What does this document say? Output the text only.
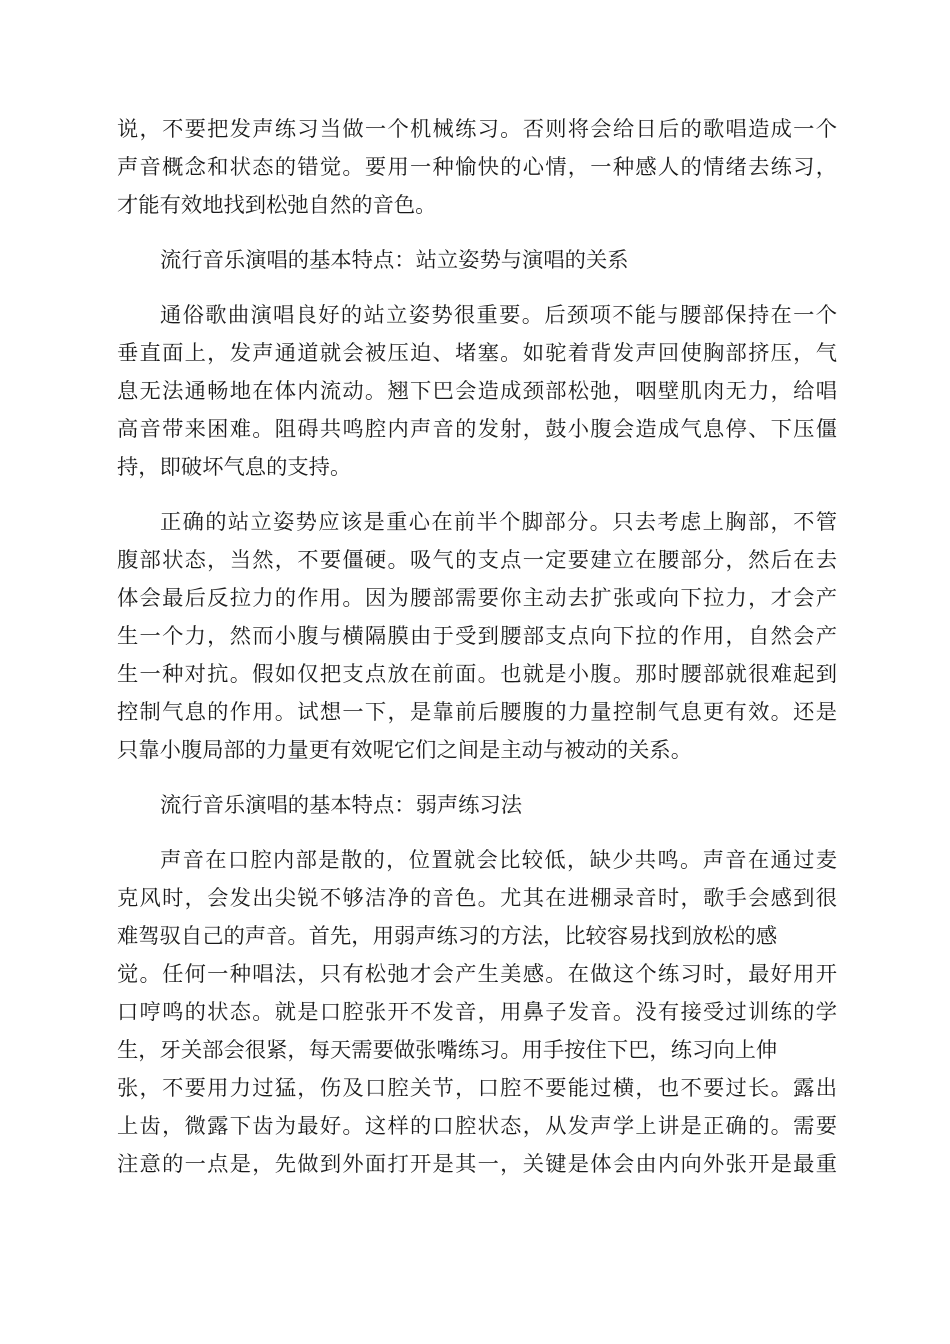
说，不要把发声练习当做一个机械练习。否则将会给日后的歌唱造成一个
声音概念和状态的错觉。要用一种愉快的心情，一种感人的情绪去练习，
才能有效地找到松弛自然的音色。
流行音乐演唱的基本特点：站立姿势与演唱的关系
通俗歌曲演唱良好的站立姿势很重要。后颈项不能与腰部保持在一个
垂直面上，发声通道就会被压迫、堵塞。如驼着背发声回使胸部挤压，气
息无法通畅地在体内流动。翘下巴会造成颈部松弛，咽壁肌肉无力，给唱
高音带来困难。阻碍共鸣腔内声音的发射，鼓小腹会造成气息停、下压僵
持，即破坏气息的支持。
正确的站立姿势应该是重心在前半个脚部分。只去考虑上胸部，不管
腹部状态，当然，不要僵硬。吸气的支点一定要建立在腰部分，然后在去
体会最后反拉力的作用。因为腰部需要你主动去扩张或向下拉力，才会产
生一个力，然而小腹与横隔膜由于受到腰部支点向下拉的作用，自然会产
生一种对抗。假如仅把支点放在前面。也就是小腹。那时腰部就很难起到
控制气息的作用。试想一下，是靠前后腰腹的力量控制气息更有效。还是
只靠小腹局部的力量更有效呢它们之间是主动与被动的关系。
流行音乐演唱的基本特点：弱声练习法
声音在口腔内部是散的，位置就会比较低，缺少共鸣。声音在通过麦
克风时，会发出尖锐不够洁净的音色。尤其在进棚录音时，歌手会感到很
难驾驭自己的声音。首先，用弱声练习的方法，比较容易找到放松的感
觉。任何一种唱法，只有松弛才会产生美感。在做这个练习时，最好用开
口哼鸣的状态。就是口腔张开不发音，用鼻子发音。没有接受过训练的学
生，牙关部会很紧，每天需要做张嘴练习。用手按住下巴，练习向上伸
张，不要用力过猛，伤及口腔关节，口腔不要能过横，也不要过长。露出
上齿，微露下齿为最好。这样的口腔状态，从发声学上讲是正确的。需要
注意的一点是，先做到外面打开是其一，关键是体会由内向外张开是最重
